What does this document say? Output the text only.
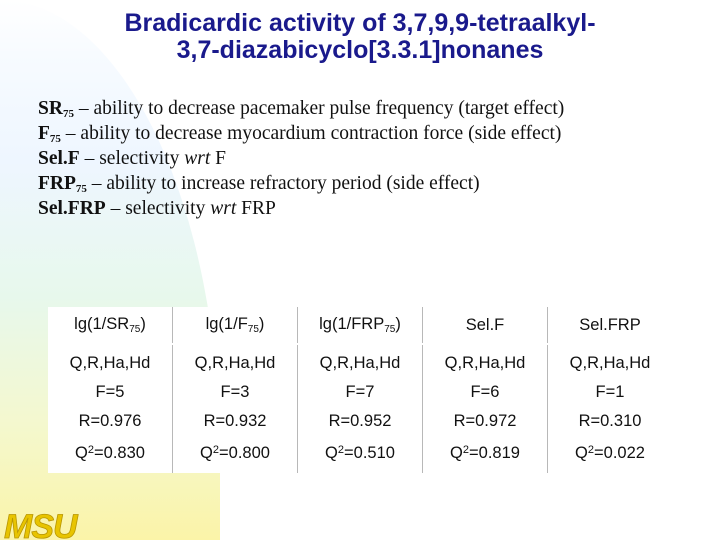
Bradicardic activity of 3,7,9,9-tetraalkyl-
3,7-diazabicyclo[3.3.1]nonanes
$SR_{75}$ – ability to decrease pacemaker pulse frequency (target effect)
$F_{75}$ – ability to decrease myocardium contraction force (side effect)
Sel.F – selectivity wrt F
$FRP_{75}$ – ability to increase refractory period (side effect)
Sel.FRP – selectivity wrt FRP
$\lg(1/SR_{75})$	$\lg(1/F_{75})$	$\lg(1/FRP_{75})$	Sel.F	Sel.FRP

Q,R,Ha,Hd
F=5
R=0.976
$Q^2=0.830$	Q,R,Ha,Hd
F=3
R=0.932
$Q^2=0.800$	Q,R,Ha,Hd
F=7
R=0.952
$Q^2=0.510$	Q,R,Ha,Hd
F=6
R=0.972
$Q^2=0.819$	Q,R,Ha,Hd
F=1
R=0.310
$Q^2=0.022$
MSU
